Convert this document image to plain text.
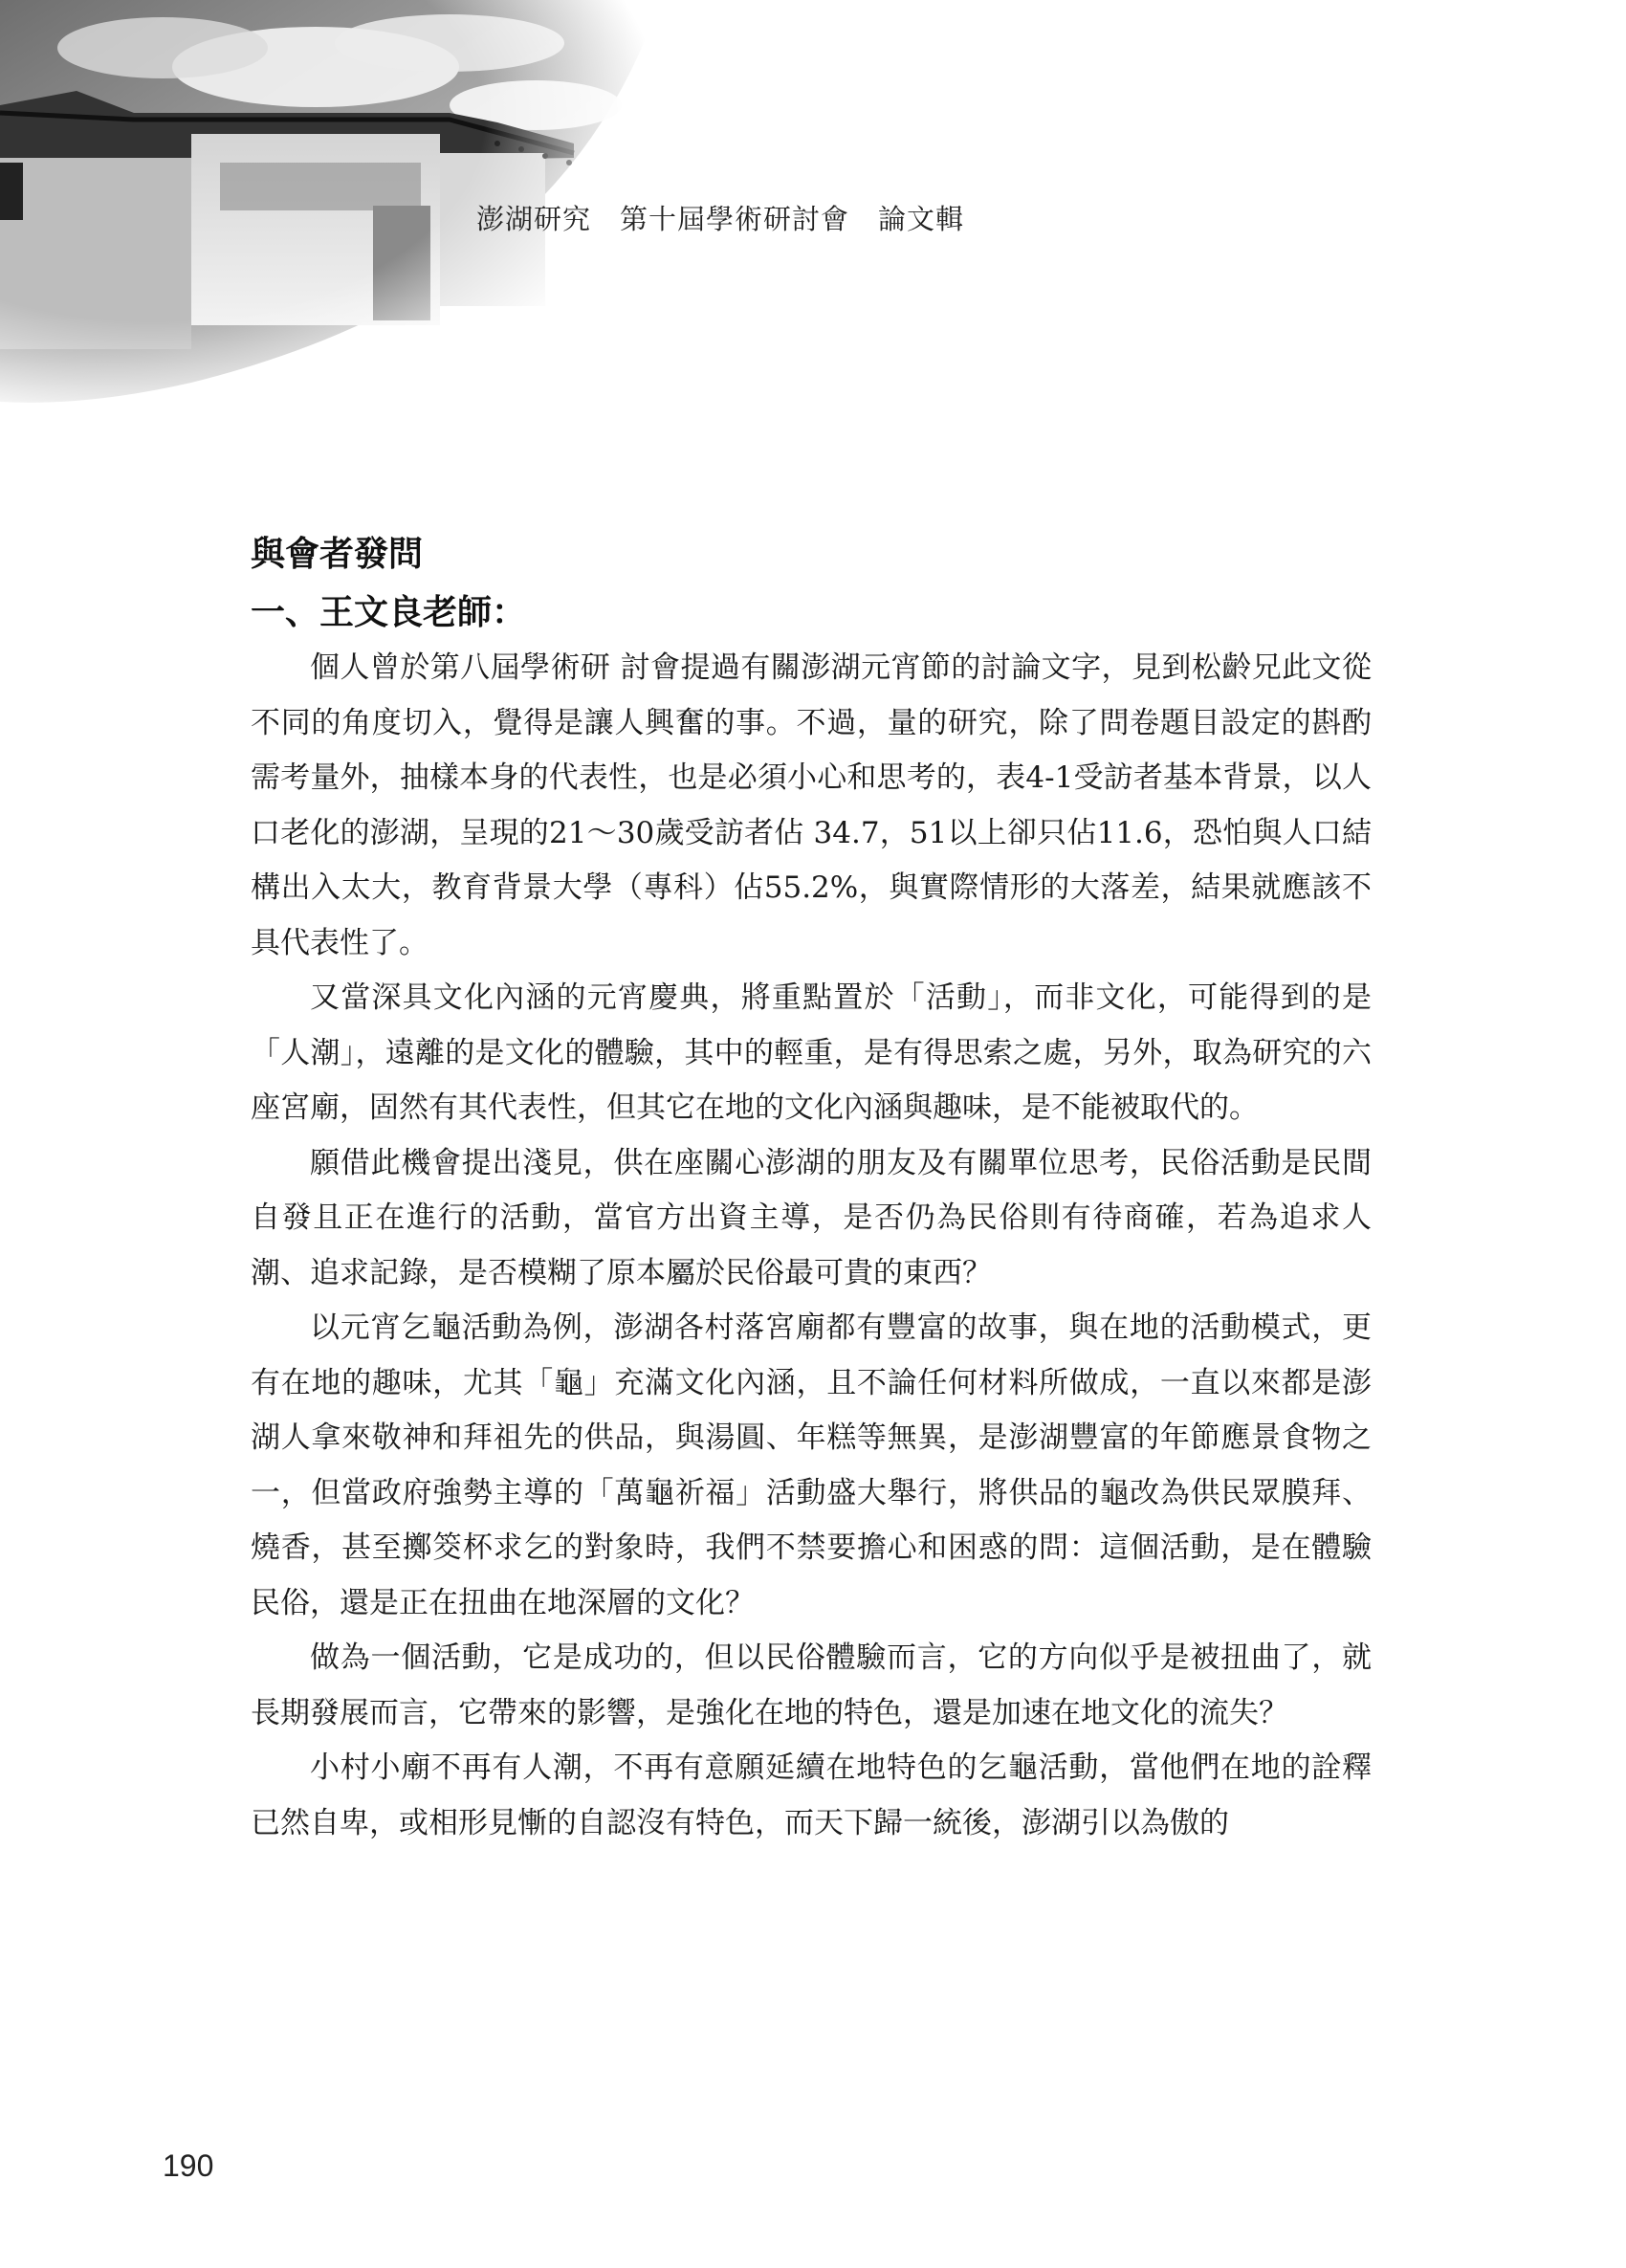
澎湖研究　第十屆學術研討會　論文輯
與會者發問
一、王文良老師：

個人曾於第八屆學術研 討會提過有關澎湖元宵節的討論文字，見到松齡兄此文從不同的角度切入，覺得是讓人興奮的事。不過，量的研究，除了問卷題目設定的斟酌需考量外，抽樣本身的代表性，也是必須小心和思考的，表4-1受訪者基本背景，以人口老化的澎湖，呈現的21～30歲受訪者佔 34.7，51以上卻只佔11.6，恐怕與人口結構出入太大，教育背景大學（專科）佔55.2%，與實際情形的大落差，結果就應該不具代表性了。

又當深具文化內涵的元宵慶典，將重點置於「活動」，而非文化，可能得到的是「人潮」，遠離的是文化的體驗，其中的輕重，是有得思索之處，另外，取為研究的六座宮廟，固然有其代表性，但其它在地的文化內涵與趣味，是不能被取代的。

願借此機會提出淺見，供在座關心澎湖的朋友及有關單位思考，民俗活動是民間自發且正在進行的活動，當官方出資主導，是否仍為民俗則有待商確，若為追求人潮、追求記錄，是否模糊了原本屬於民俗最可貴的東西？

以元宵乞龜活動為例，澎湖各村落宮廟都有豐富的故事，與在地的活動模式，更有在地的趣味，尤其「龜」充滿文化內涵，且不論任何材料所做成，一直以來都是澎湖人拿來敬神和拜祖先的供品，與湯圓、年糕等無異，是澎湖豐富的年節應景食物之一，但當政府強勢主導的「萬龜祈福」活動盛大舉行，將供品的龜改為供民眾膜拜、燒香，甚至擲筊杯求乞的對象時，我們不禁要擔心和困惑的問：這個活動，是在體驗民俗，還是正在扭曲在地深層的文化？

做為一個活動，它是成功的，但以民俗體驗而言，它的方向似乎是被扭曲了，就長期發展而言，它帶來的影響，是強化在地的特色，還是加速在地文化的流失？

小村小廟不再有人潮，不再有意願延續在地特色的乞龜活動，當他們在地的詮釋已然自卑，或相形見慚的自認沒有特色，而天下歸一統後，澎湖引以為傲的

190
